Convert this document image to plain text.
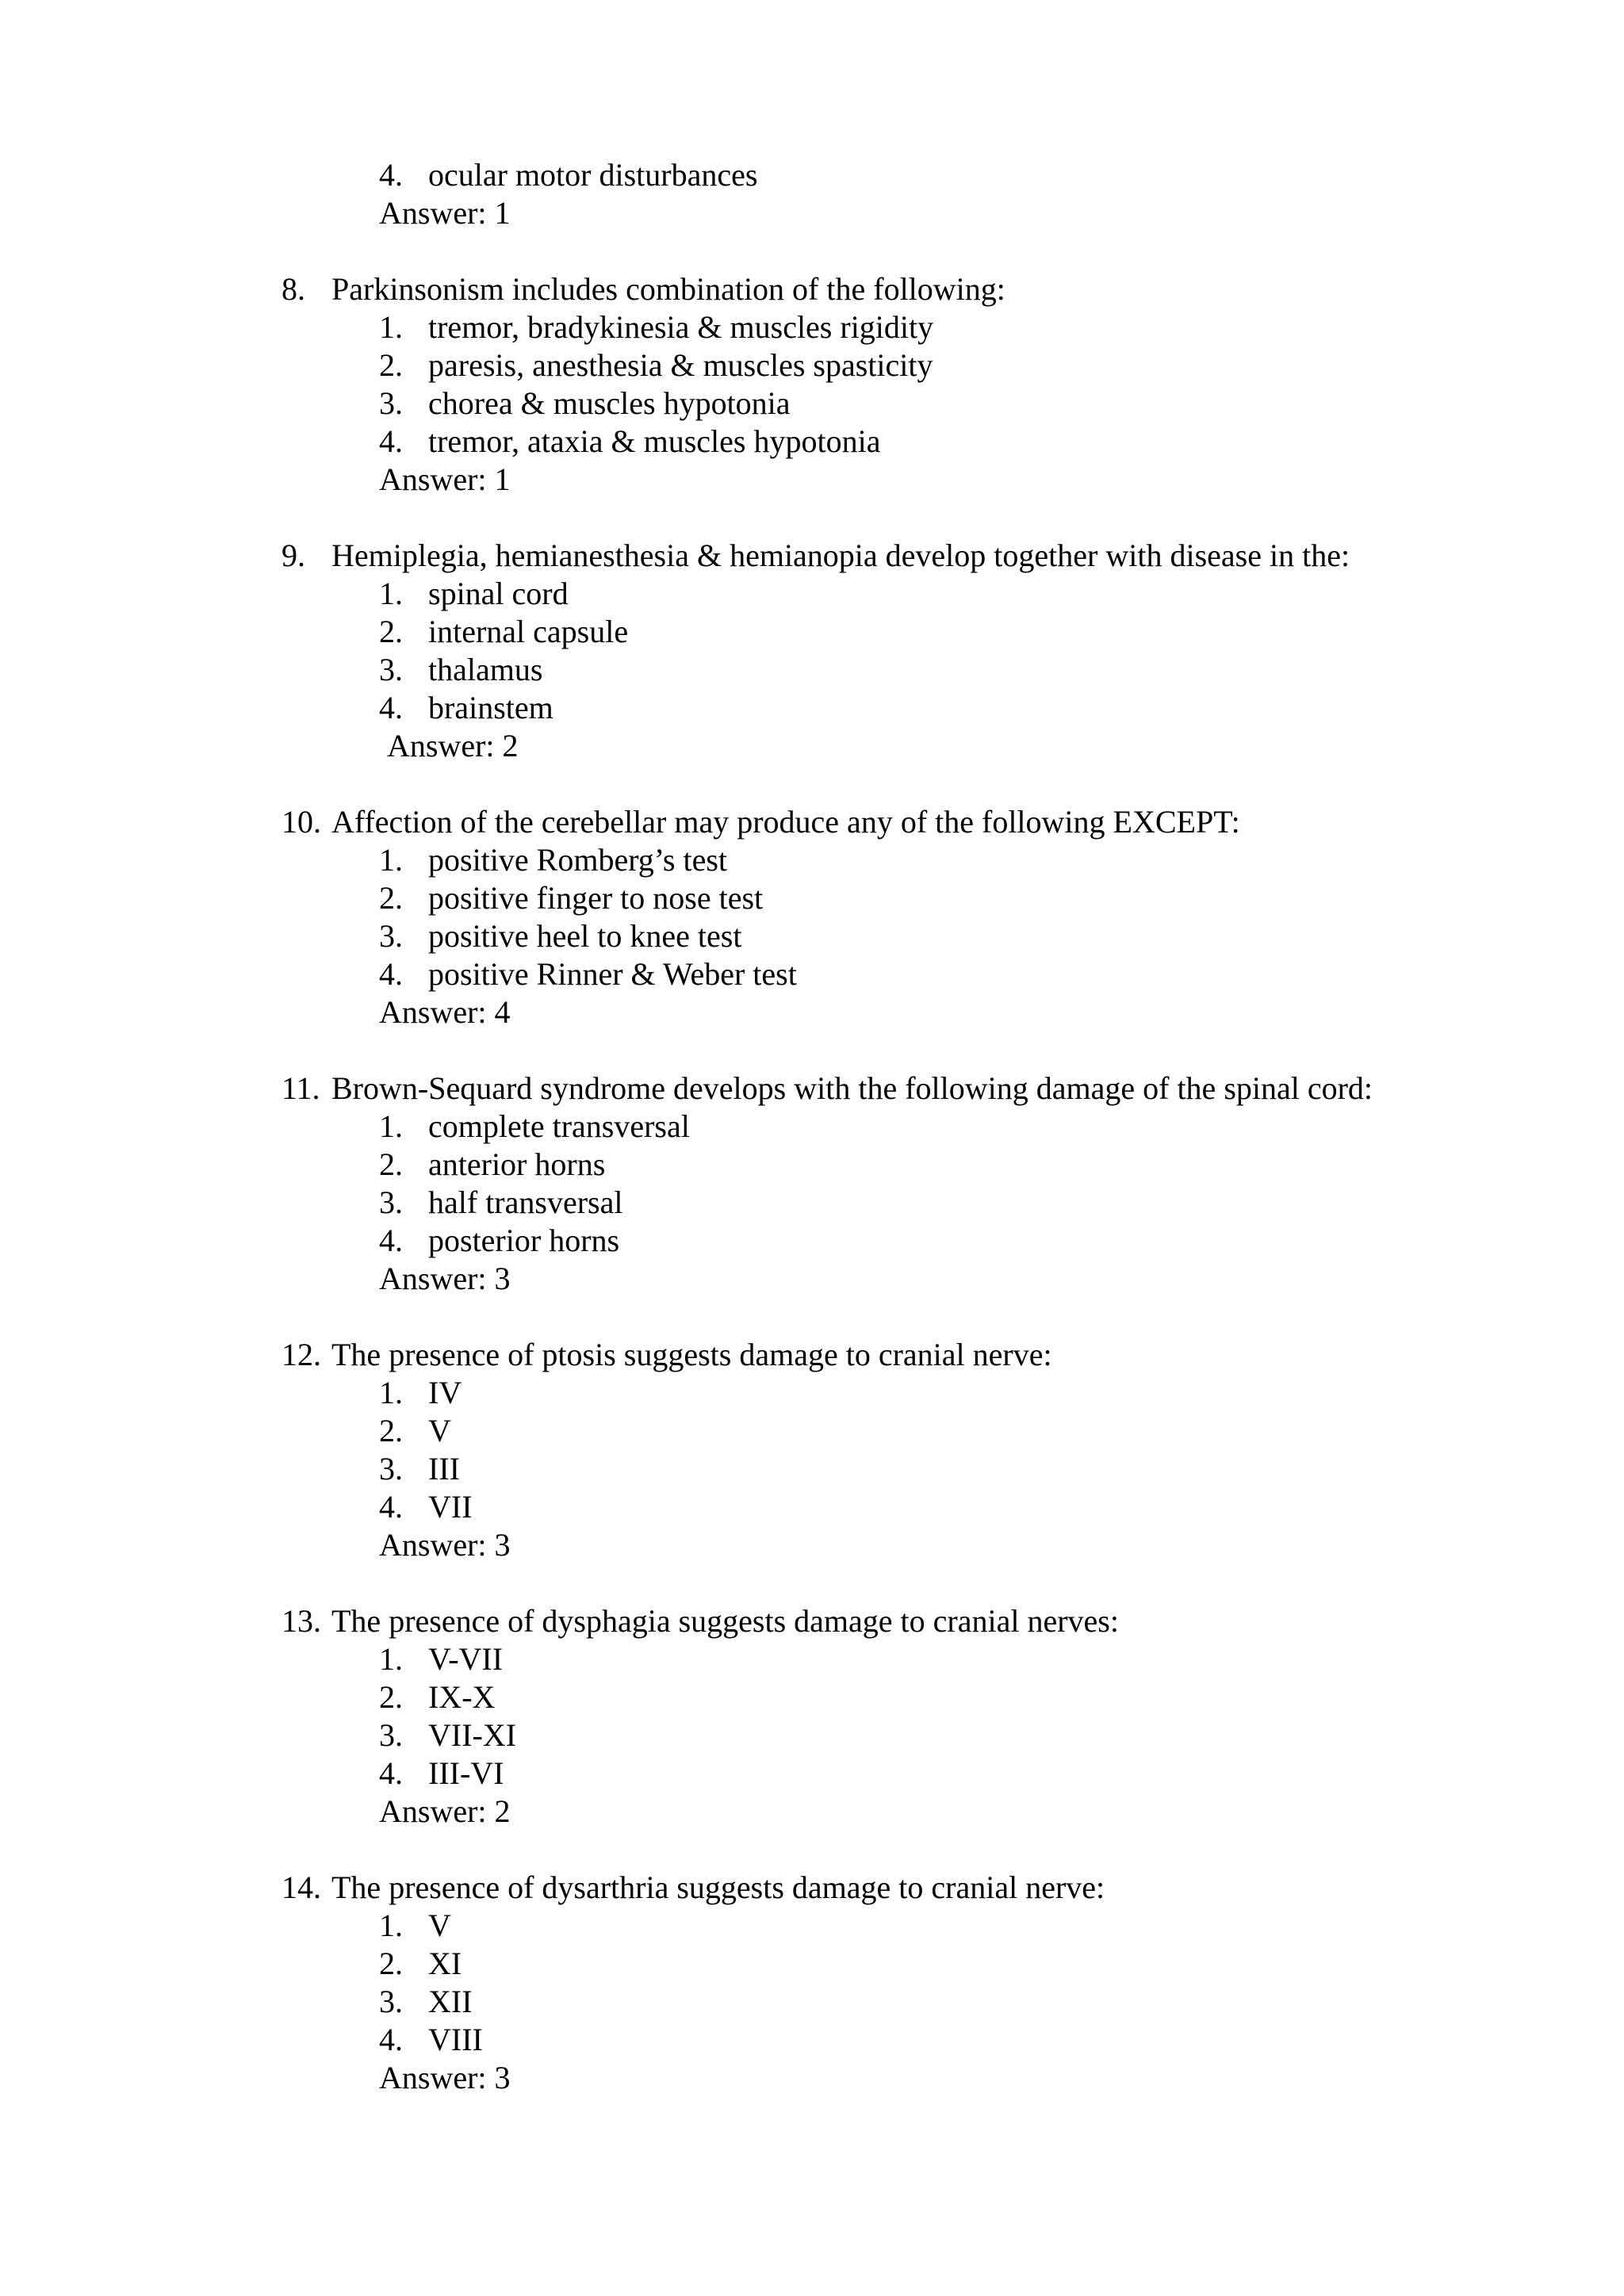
4. ocular motor disturbances
Answer: 1
8. Parkinsonism includes combination of the following:
1. tremor, bradykinesia & muscles rigidity
2. paresis, anesthesia & muscles spasticity
3. chorea & muscles hypotonia
4. tremor, ataxia & muscles hypotonia
Answer: 1
9. Hemiplegia, hemianesthesia & hemianopia develop together with disease in the:
1. spinal cord
2. internal capsule
3. thalamus
4. brainstem
Answer: 2
10. Affection of the cerebellar may produce any of the following EXCEPT:
1. positive Romberg’s test
2. positive finger to nose test
3. positive heel to knee test
4. positive Rinner & Weber test
Answer: 4
11. Brown-Sequard syndrome develops with the following damage of the spinal cord:
1. complete transversal
2. anterior horns
3. half transversal
4. posterior horns
Answer: 3
12. The presence of ptosis suggests damage to cranial nerve:
1. IV
2. V
3. III
4. VII
Answer: 3
13. The presence of dysphagia suggests damage to cranial nerves:
1. V-VII
2. IX-X
3. VII-XI
4. III-VI
Answer: 2
14. The presence of dysarthria suggests damage to cranial nerve:
1. V
2. XI
3. XII
4. VIII
Answer: 3
